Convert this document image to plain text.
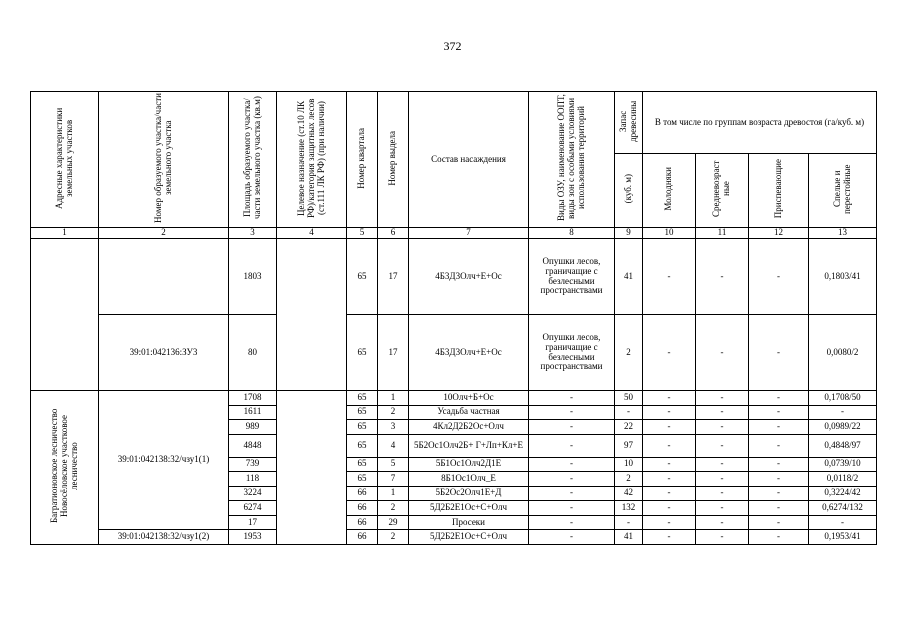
372
Адресные характеристики земельных участков	Номер образуемого участка/части земельного участка	Площадь образуемого участка/части земельного участка (кв.м)	Целевое назначение (ст.10 ЛК РФ)/категория защитных лесов (ст.111 ЛК РФ) (при наличии)	Номер квартала	Номер выдела	Состав насаждения	Виды ОЗУ, наименование ООПТ, виды зон с особыми условиями использования территорий	Запас древесины	В том числе по группам возраста древостоя (га/куб. м)			
								(куб. м)	Молодняки	Средневозраст ные	Приспевающие	Спелые и перестойные
1	2	3	4	5	6	7	8	9	10	11	12	13
		1803		65	17	4Б3Д3Олч+Е+Ос	Опушки лесов, граничащие с безлесными пространствами	41	-	-	-	0,1803/41
	39:01:042136:ЗУ3	80		65	17	4Б3Д3Олч+Е+Ос	Опушки лесов, граничащие с безлесными пространствами	2	-	-	-	0,0080/2
Багратионовское лесничество Новосёловское участковое лесничество	39:01:042138:32/чзу1(1)	1708		65	1	10Олч+Б+Ос	-	50	-	-	-	0,1708/50
		1611		65	2	Усадьба частная	-	-	-	-	-	-
		989		65	3	4Кл2Д2Б2Ос+Олч	-	22	-	-	-	0,0989/22
		4848		65	4	5Б2Ос1Олч2Б+ Г+Лп+Кл+Е	-	97	-	-	-	0,4848/97
		739		65	5	5Б1Ос1Олч2Д1Е	-	10	-	-	-	0,0739/10
		118		65	7	8Б1Ос1Олч_Е	-	2	-	-	-	0,0118/2
		3224		66	1	5Б2Ос2Олч1Е+Д	-	42	-	-	-	0,3224/42
		6274		66	2	5Д2Б2Е1Ос+С+Олч	-	132	-	-	-	0,6274/132
		17		66	29	Просеки	-	-	-	-	-	-
	39:01:042138:32/чзу1(2)	1953		66	2	5Д2Б2Е1Ос+С+Олч	-	41	-	-	-	0,1953/41
